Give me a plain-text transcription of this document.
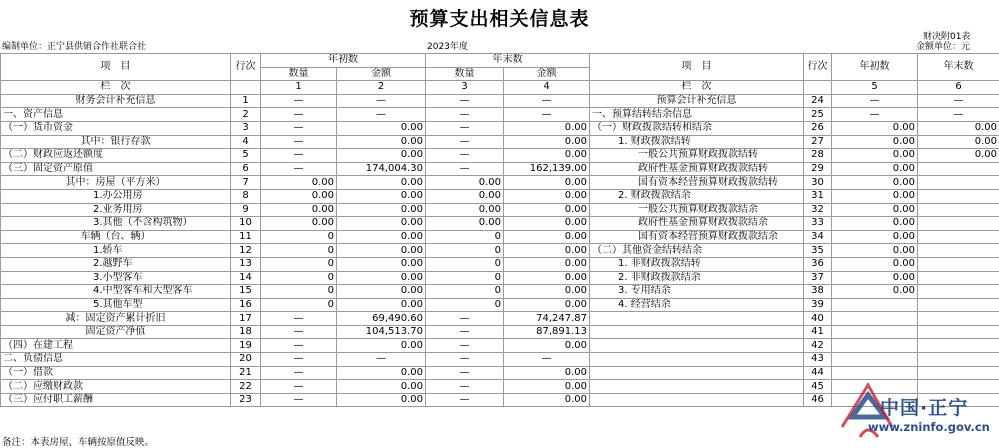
预算支出相关信息表
财决附01表
编制单位：正宁县供销合作社联合社	2023年度	金额单位：元
项　目	行次	年初数		年末数		项　目	行次	年初数	年末数
		数量	金额	数量	金额				
栏　次		1	2	3	4	栏　次		5	6
财务会计补充信息	1	—	—	—	—	预算会计补充信息	24	—	—
一、资产信息	2	—	—	—	—	一、预算结转结余信息	25	—	—
（一）货币资金	3	—	0.00	—	0.00	（一）财政拨款结转和结余	26	0.00	0.00
其中：银行存款	4	—	0.00	—	0.00	1. 财政拨款结转	27	0.00	0.00
（二）财政应返还额度	5	—	0.00	—	0.00	一般公共预算财政拨款结转	28	0.00	0.00
（三）固定资产原值	6	—	174,004.30	—	162,139.00	政府性基金预算财政拨款结转	29	0.00	
其中：房屋（平方米）	7	0.00	0.00	0.00	0.00	国有资本经营预算财政拨款结转	30	0.00	
1.办公用房	8	0.00	0.00	0.00	0.00	2. 财政拨款结余	31	0.00	
2.业务用房	9	0.00	0.00	0.00	0.00	一般公共预算财政拨款结余	32	0.00	
3.其他（不含构筑物）	10	0.00	0.00	0.00	0.00	政府性基金预算财政拨款结余	33	0.00	
车辆（台、辆）	11	0	0.00	0	0.00	国有资本经营预算财政拨款结余	34	0.00	
1.轿车	12	0	0.00	0	0.00	（二）其他资金结转结余	35	0.00	
2.越野车	13	0	0.00	0	0.00	1. 非财政拨款结转	36	0.00	
3.小型客车	14	0	0.00	0	0.00	2. 非财政拨款结余	37	0.00	
4.中型客车和大型客车	15	0	0.00	0	0.00	3. 专用结余	38	0.00	
5.其他车型	16	0	0.00	0	0.00	4. 经营结余	39		
减：固定资产累计折旧	17	—	69,490.60	—	74,247.87		40		
固定资产净值	18	—	104,513.70	—	87,891.13		41		
（四）在建工程	19	—	0.00	—	0.00		42		
二、负债信息	20	—	—	—	—		43		
（一）借款	21	—	0.00	—	0.00		44		
（二）应缴财政款	22	—	0.00	—	0.00		45		
（三）应付职工薪酬	23	—	0.00	—	0.00		46		
备注：本表房屋、车辆按原值反映。
中国·正宁
www.zninfo.gov.cn
